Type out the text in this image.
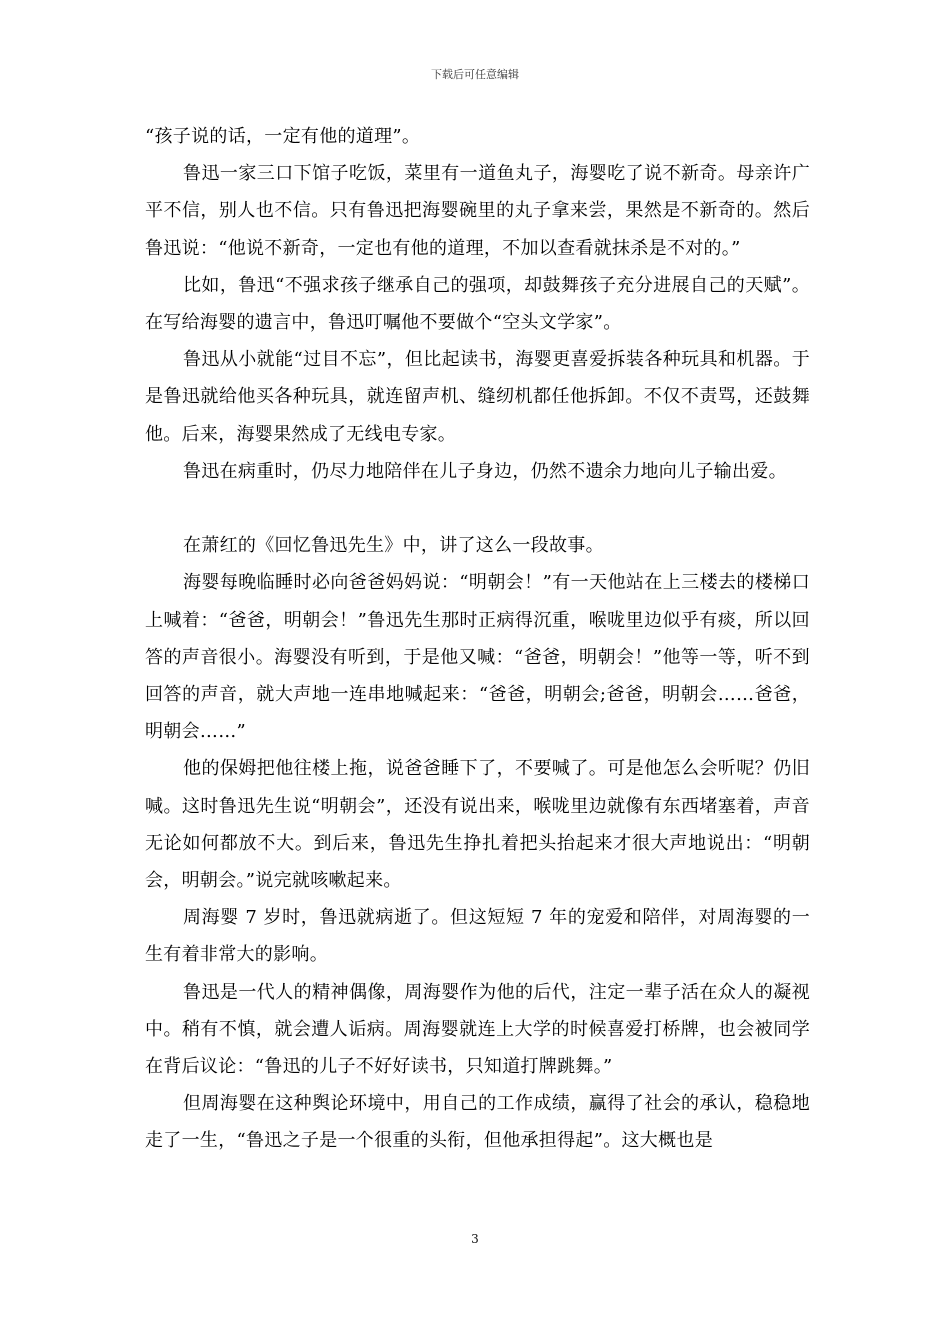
下载后可任意编辑

“孩子说的话，一定有他的道理”。

鲁迅一家三口下馆子吃饭，菜里有一道鱼丸子，海婴吃了说不新奇。母亲许广平不信，别人也不信。只有鲁迅把海婴碗里的丸子拿来尝，果然是不新奇的。然后鲁迅说：“他说不新奇，一定也有他的道理，不加以查看就抹杀是不对的。”

比如，鲁迅“不强求孩子继承自己的强项，却鼓舞孩子充分进展自己的天赋”。在写给海婴的遗言中，鲁迅叮嘱他不要做个“空头文学家”。

鲁迅从小就能“过目不忘”，但比起读书，海婴更喜爱拆装各种玩具和机器。于是鲁迅就给他买各种玩具，就连留声机、缝纫机都任他拆卸。不仅不责骂，还鼓舞他。后来，海婴果然成了无线电专家。

鲁迅在病重时，仍尽力地陪伴在儿子身边，仍然不遗余力地向儿子输出爱。

在萧红的《回忆鲁迅先生》中，讲了这么一段故事。

海婴每晚临睡时必向爸爸妈妈说：“明朝会！”有一天他站在上三楼去的楼梯口上喊着：“爸爸，明朝会！”鲁迅先生那时正病得沉重，喉咙里边似乎有痰，所以回答的声音很小。海婴没有听到，于是他又喊：“爸爸，明朝会！”他等一等，听不到回答的声音，就大声地一连串地喊起来：“爸爸，明朝会;爸爸，明朝会……爸爸，明朝会……”

他的保姆把他往楼上拖，说爸爸睡下了，不要喊了。可是他怎么会听呢？仍旧喊。这时鲁迅先生说“明朝会”，还没有说出来，喉咙里边就像有东西堵塞着，声音无论如何都放不大。到后来，鲁迅先生挣扎着把头抬起来才很大声地说出：“明朝会，明朝会。”说完就咳嗽起来。

周海婴 7 岁时，鲁迅就病逝了。但这短短 7 年的宠爱和陪伴，对周海婴的一生有着非常大的影响。

鲁迅是一代人的精神偶像，周海婴作为他的后代，注定一辈子活在众人的凝视中。稍有不慎，就会遭人诟病。周海婴就连上大学的时候喜爱打桥牌，也会被同学在背后议论：“鲁迅的儿子不好好读书，只知道打牌跳舞。”

但周海婴在这种舆论环境中，用自己的工作成绩，赢得了社会的承认，稳稳地走了一生，“鲁迅之子是一个很重的头衔，但他承担得起”。这大概也是

3
